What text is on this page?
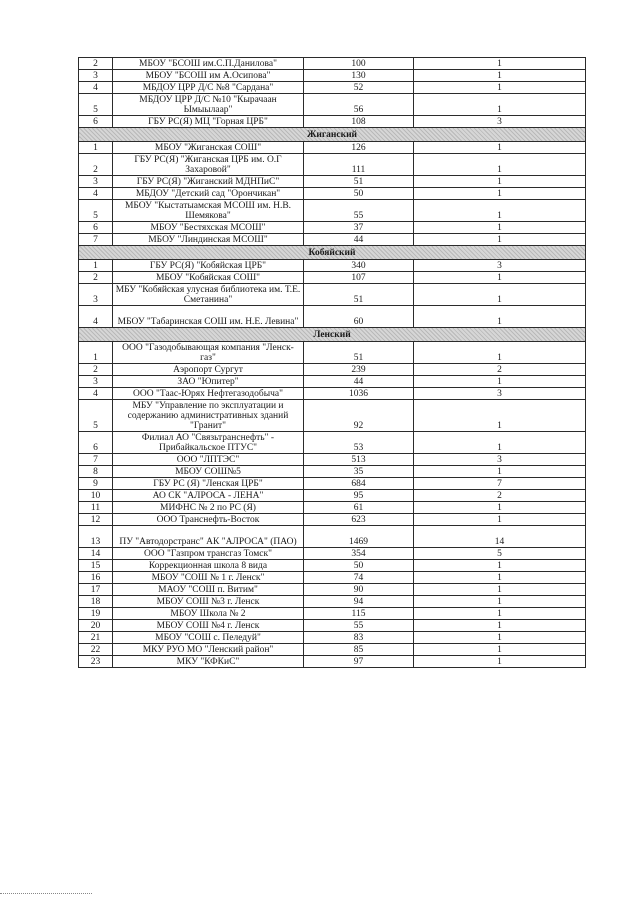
2	МБОУ "БСОШ им.С.П.Данилова"	100	1
3	МБОУ "БСОШ им А.Осипова"	130	1
4	МБДОУ ЦРР Д/С №8 "Сардана"	52	1
5	МБДОУ ЦРР Д/С №10 "Кырачаан Ымыылаар"	56	1
6	ГБУ РС(Я) МЦ "Горная ЦРБ"	108	3
Жиганский			
1	МБОУ "Жиганская СОШ"	126	1
2	ГБУ РС(Я) "Жиганская ЦРБ им. О.Г Захаровой"	111	1
3	ГБУ РС(Я) "Жиганский МДНПиС"	51	1
4	МБДОУ "Детский сад "Орончикан"	50	1
5	МБОУ "Кыстатыамская МСОШ им. Н.В. Шемякова"	55	1
6	МБОУ "Бестяхская МСОШ"	37	1
7	МБОУ "Линдинская МСОШ"	44	1
Кобяйский			
1	ГБУ РС(Я) "Кобяйская ЦРБ"	340	3
2	МБОУ "Кобяйская СОШ"	107	1
3	МБУ "Кобяйская улусная библиотека им. Т.Е. Сметанина"	51	1
4	МБОУ "Табаринская СОШ им. Н.Е. Левина"	60	1
Ленский			
1	ООО "Газодобывающая компания "Ленск-газ"	51	1
2	Аэропорт Сургут	239	2
3	ЗАО "Юпитер"	44	1
4	ООО "Таас-Юрях Нефтегазодобыча"	1036	3
5	МБУ "Управление по эксплуатации и содержанию административных зданий "Гранит"	92	1
6	Филиал АО "Связьтранснефть" - Прибайкальское ПТУС"	53	1
7	ООО "ЛПТЭС"	513	3
8	МБОУ СОШ№5	35	1
9	ГБУ РС (Я) "Ленская ЦРБ"	684	7
10	АО СК "АЛРОСА - ЛЕНА"	95	2
11	МИФНС № 2 по РС (Я)	61	1
12	ООО Транснефть-Восток	623	1
13	ПУ "Автодорстранс" АК "АЛРОСА" (ПАО)	1469	14
14	ООО "Газпром трансгаз Томск"	354	5
15	Коррекционная школа 8 вида	50	1
16	МБОУ "СОШ № 1 г. Ленск"	74	1
17	МАОУ "СОШ п. Витим"	90	1
18	МБОУ СОШ №3 г. Ленск	94	1
19	МБОУ Школа № 2	115	1
20	МБОУ СОШ №4 г. Ленск	55	1
21	МБОУ "СОШ с. Пеледуй"	83	1
22	МКУ РУО МО "Ленский район"	85	1
23	МКУ "КФКиС"	97	1
